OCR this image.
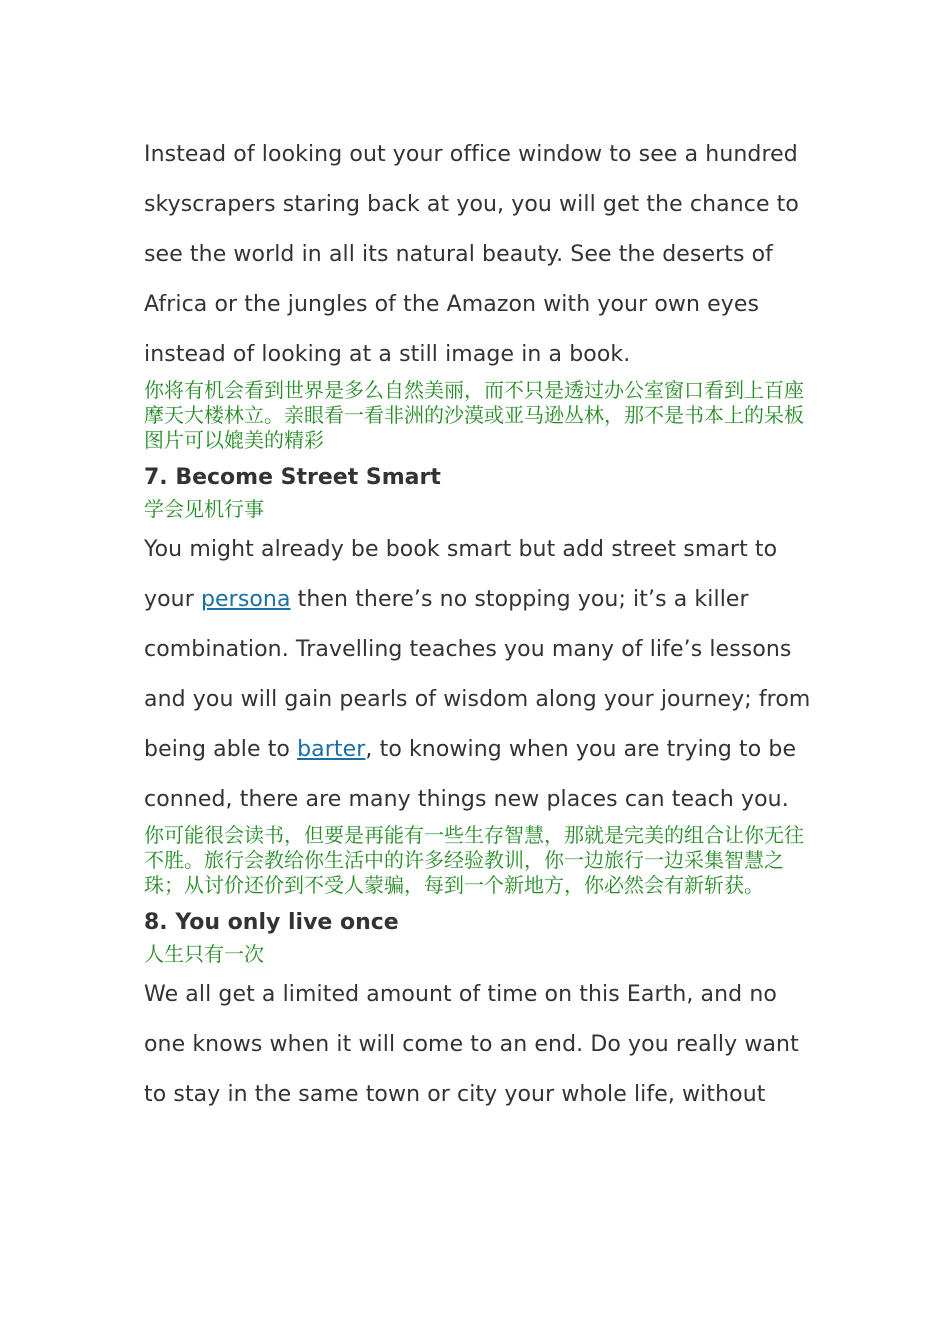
Instead of looking out your office window to see a hundred skyscrapers staring back at you, you will get the chance to see the world in all its natural beauty. See the deserts of Africa or the jungles of the Amazon with your own eyes instead of looking at a still image in a book.

你将有机会看到世界是多么自然美丽，而不只是透过办公室窗口看到上百座摩天大楼林立。亲眼看一看非洲的沙漠或亚马逊丛林，那不是书本上的呆板图片可以媲美的精彩

7. Become Street Smart

学会见机行事

You might already be book smart but add street smart to your persona then there’s no stopping you; it’s a killer combination. Travelling teaches you many of life’s lessons and you will gain pearls of wisdom along your journey; from being able to barter, to knowing when you are trying to be conned, there are many things new places can teach you.

你可能很会读书，但要是再能有一些生存智慧，那就是完美的组合让你无往不胜。旅行会教给你生活中的许多经验教训，你一边旅行一边采集智慧之珠；从讨价还价到不受人蒙骗，每到一个新地方，你必然会有新斩获。

8. You only live once

人生只有一次

We all get a limited amount of time on this Earth, and no one knows when it will come to an end. Do you really want to stay in the same town or city your whole life, without
